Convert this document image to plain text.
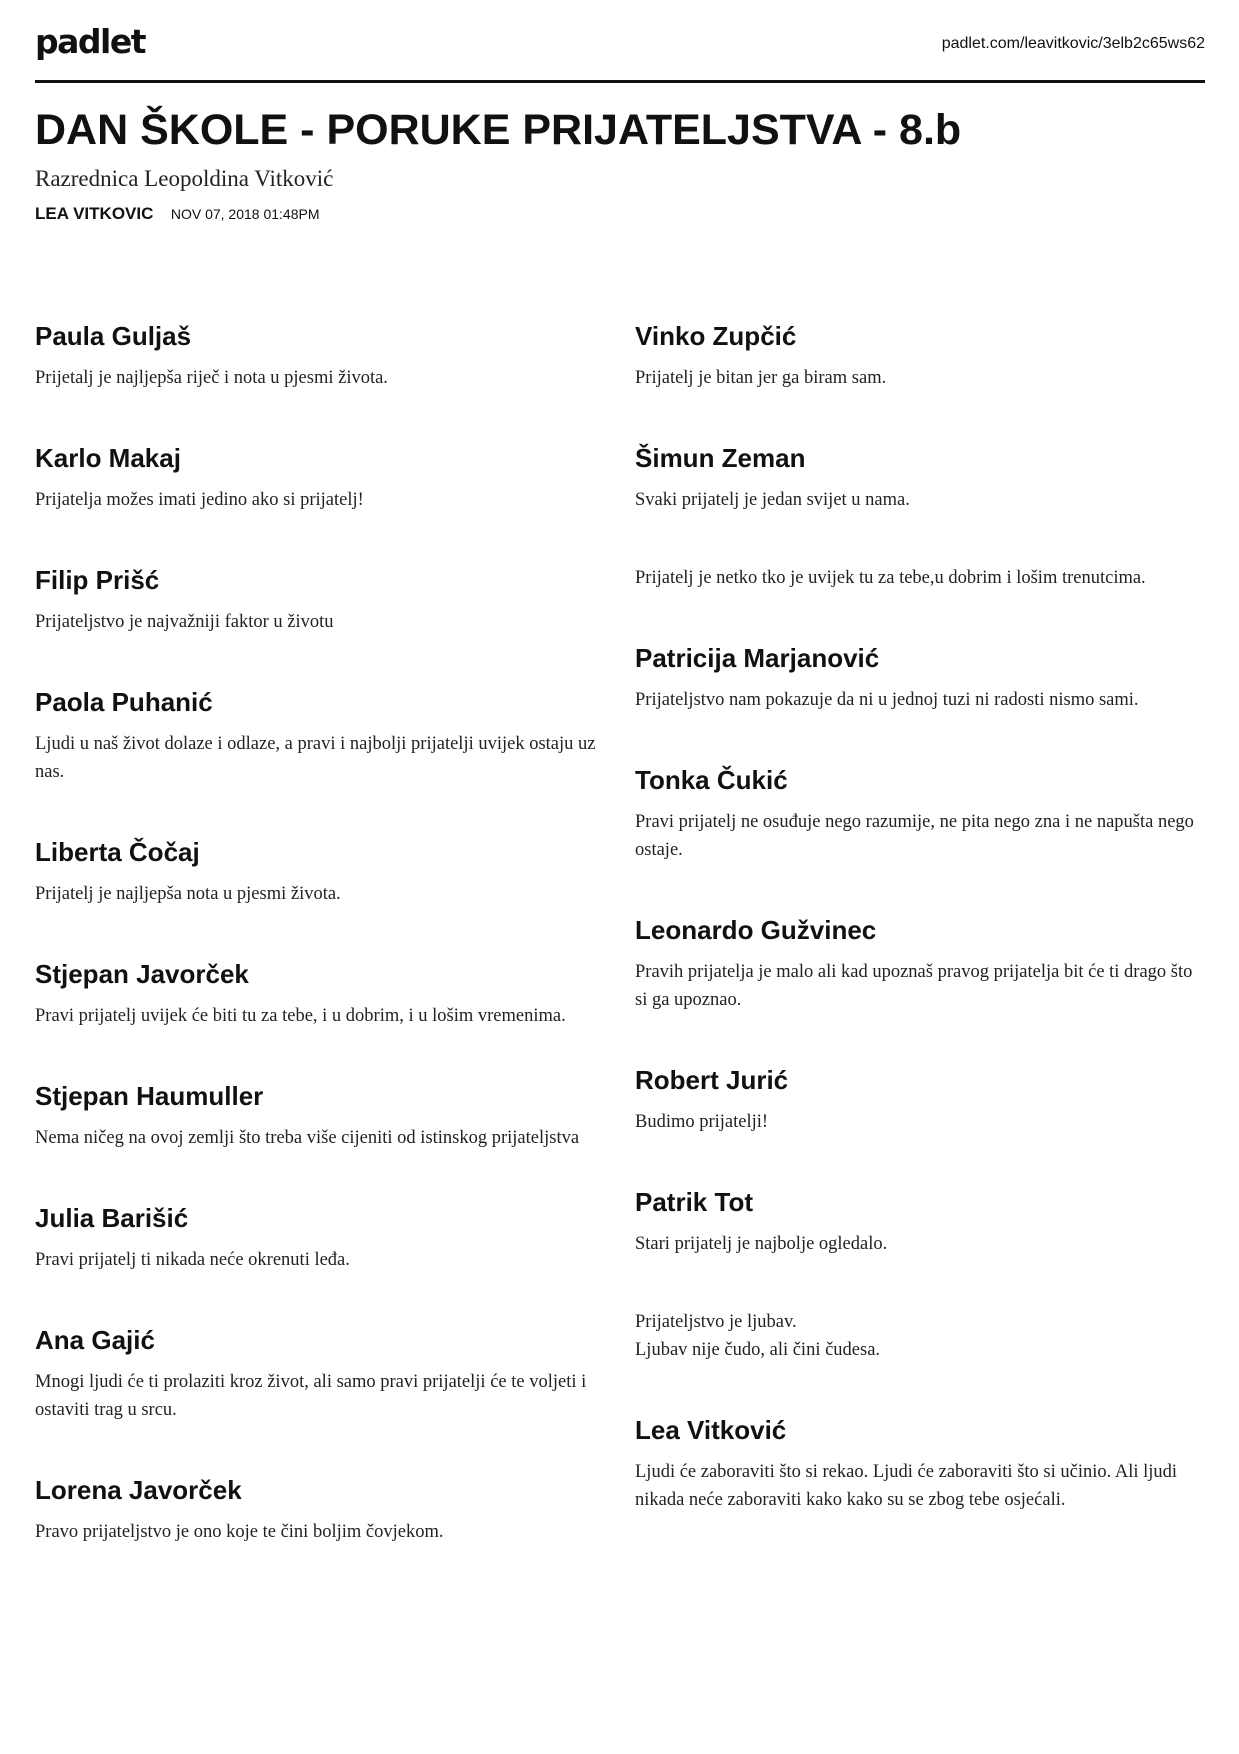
padlet	padlet.com/leavitkovic/3elb2c65ws62
DAN ŠKOLE - PORUKE PRIJATELJSTVA - 8.b
Razrednica Leopoldina Vitković
LEA VITKOVIC NOV 07, 2018 01:48PM
Paula Guljaš
Prijetalj je najljepša riječ i nota u pjesmi života.
Karlo Makaj
Prijatelja možes imati jedino ako si prijatelj!
Filip Prišć
Prijateljstvo je najvažniji faktor u životu
Paola Puhanić
Ljudi u naš život dolaze i odlaze, a pravi i najbolji prijatelji uvijek ostaju uz nas.
Liberta Čočaj
Prijatelj je najljepša nota u pjesmi života.
Stjepan Javorček
Pravi prijatelj uvijek će biti tu za tebe, i u dobrim, i u lošim vremenima.
Stjepan Haumuller
Nema ničeg na ovoj zemlji što treba više cijeniti od istinskog prijateljstva
Julia Barišić
Pravi prijatelj ti nikada neće okrenuti leđa.
Ana Gajić
Mnogi ljudi će ti prolaziti kroz život, ali samo pravi prijatelji će te voljeti i ostaviti trag u srcu.
Lorena Javorček
Pravo prijateljstvo je ono koje te čini boljim čovjekom.
Vinko Zupčić
Prijatelj je bitan jer ga biram sam.
Šimun Zeman
Svaki prijatelj je jedan svijet u nama.
Prijatelj je netko tko je uvijek tu za tebe,u dobrim i lošim trenutcima.
Patricija Marjanović
Prijateljstvo nam pokazuje da ni u jednoj tuzi ni radosti nismo sami.
Tonka Čukić
Pravi prijatelj ne osuđuje nego razumije, ne pita nego zna i ne napušta nego ostaje.
Leonardo Gužvinec
Pravih prijatelja je malo ali kad upoznaš pravog prijatelja bit će ti drago što si ga upoznao.
Robert Jurić
Budimo prijatelji!
Patrik Tot
Stari prijatelj je najbolje ogledalo.
Prijateljstvo je ljubav.
Ljubav nije čudo, ali čini čudesa.
Lea Vitković
Ljudi će zaboraviti što si rekao. Ljudi će zaboraviti što si učinio. Ali ljudi nikada neće zaboraviti kako kako su se zbog tebe osjećali.
